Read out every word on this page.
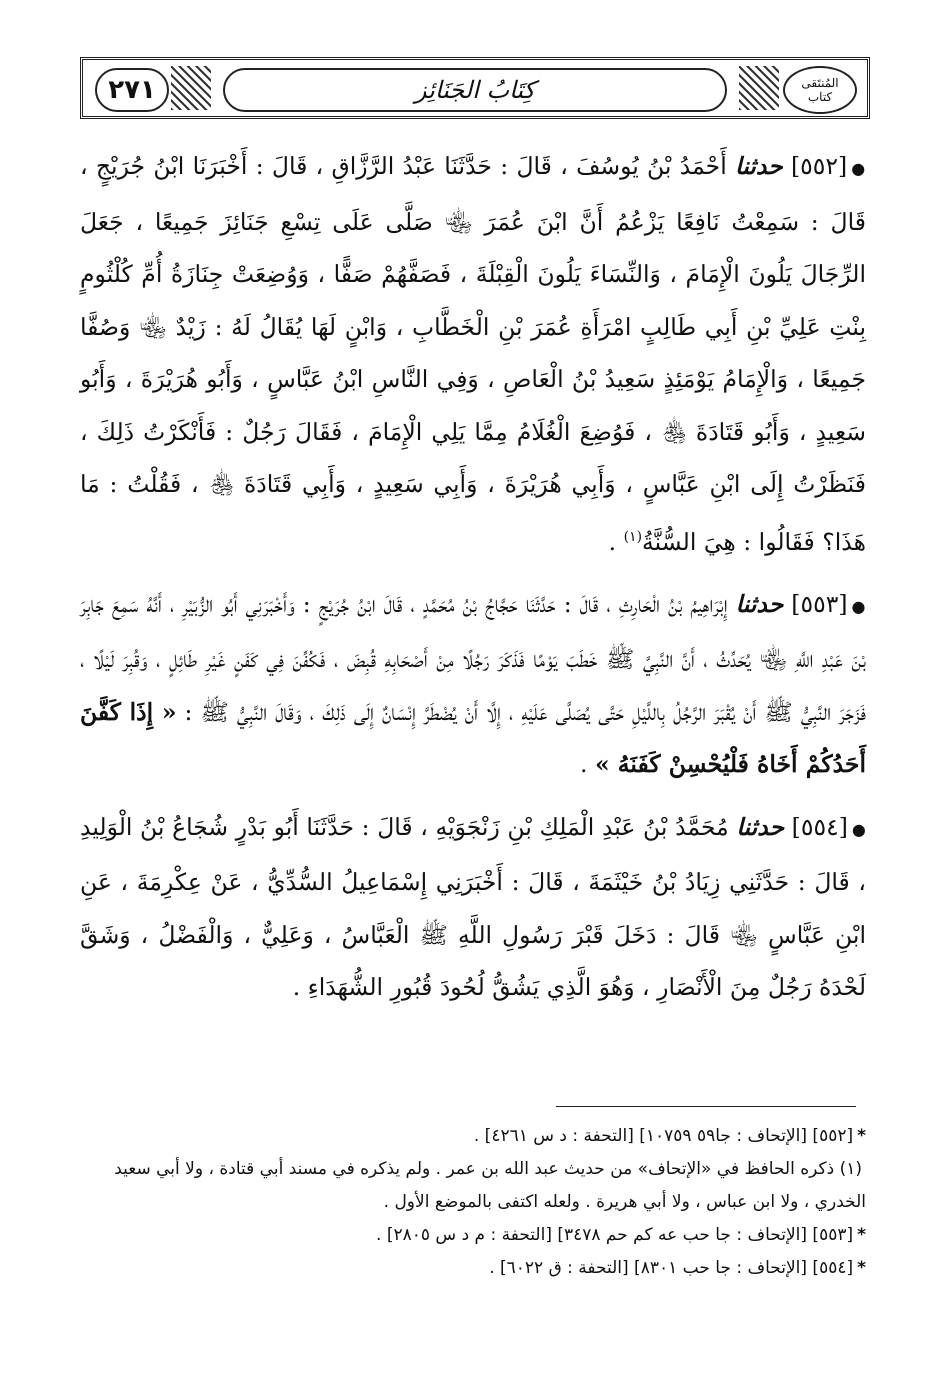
٢٧١	كِتَابُ الجَنَائِز	المُنتَقى
كتاب

●[٥٥٢] حدثنا أَحْمَدُ بْنُ يُوسُفَ ، قَالَ : حَدَّثَنَا عَبْدُ الرَّزَّاقِ ، قَالَ : أَخْبَرَنَا ابْنُ جُرَيْجٍ ، قَالَ : سَمِعْتُ نَافِعًا يَزْعُمُ أَنَّ ابْنَ عُمَرَ ﵄ صَلَّى عَلَى تِسْعِ جَنَائِزَ جَمِيعًا ، جَعَلَ الرِّجَالَ يَلُونَ الْإِمَامَ ، وَالنِّسَاءَ يَلُونَ الْقِبْلَةَ ، فَصَفَّهُمْ صَفًّا ، وَوُضِعَتْ جِنَازَةُ أُمِّ كُلْثُومٍ بِنْتِ عَلِيِّ بْنِ أَبِي طَالِبٍ امْرَأَةِ عُمَرَ بْنِ الْخَطَّابِ ، وَابْنٍ لَهَا يُقَالُ لَهُ : زَيْدٌ ﵄ وَصُفَّا جَمِيعًا ، وَالْإِمَامُ يَوْمَئِذٍ سَعِيدُ بْنُ الْعَاصِ ، وَفِي النَّاسِ ابْنُ عَبَّاسٍ ، وَأَبُو هُرَيْرَةَ ، وَأَبُو سَعِيدٍ ، وَأَبُو قَتَادَةَ ﵃ ، فَوُضِعَ الْغُلَامُ مِمَّا يَلِي الْإِمَامَ ، فَقَالَ رَجُلٌ : فَأَنْكَرْتُ ذَلِكَ ، فَنَظَرْتُ إِلَى ابْنِ عَبَّاسٍ ، وَأَبِي هُرَيْرَةَ ، وَأَبِي سَعِيدٍ ، وَأَبِي قَتَادَةَ ﵃ ، فَقُلْتُ : مَا هَذَا؟ فَقَالُوا : هِيَ السُّنَّةُ$^{(١)}$ .

●[٥٥٣] حدثنا إِبْرَاهِيمُ بْنُ الْحَارِثِ ، قَالَ : حَدَّثَنَا حَجَّاجُ بْنُ مُحَمَّدٍ ، قَالَ ابْنُ جُرَيْجٍ : وَأَخْبَرَنِي أَبُو الزُّبَيْرِ ، أَنَّهُ سَمِعَ جَابِرَ بْنَ عَبْدِ اللَّهِ ﵄ يُحَدِّثُ ، أَنَّ النَّبِيَّ ﷺ خَطَبَ يَوْمًا فَذَكَرَ رَجُلًا مِنْ أَصْحَابِهِ قُبِضَ ، فَكُفِّنَ فِي كَفَنٍ غَيْرِ طَائِلٍ ، وَقُبِرَ لَيْلًا ، فَزَجَرَ النَّبِيُّ ﷺ أَنْ يُقْبَرَ الرَّجُلُ بِاللَّيْلِ حَتَّى يُصَلَّى عَلَيْهِ ، إِلَّا أَنْ يُضْطَرَّ إِنْسَانٌ إِلَى ذَلِكَ ، وَقَالَ النَّبِيُّ ﷺ : « إِذَا كَفَّنَ أَحَدُكُمْ أَخَاهُ فَلْيُحْسِنْ كَفَنَهُ » .

●[٥٥٤] حدثنا مُحَمَّدُ بْنُ عَبْدِ الْمَلِكِ بْنِ زَنْجَوَيْهِ ، قَالَ : حَدَّثَنَا أَبُو بَدْرٍ شُجَاعُ بْنُ الْوَلِيدِ ، قَالَ : حَدَّثَنِي زِيَادُ بْنُ خَيْثَمَةَ ، قَالَ : أَخْبَرَنِي إِسْمَاعِيلُ السُّدِّيُّ ، عَنْ عِكْرِمَةَ ، عَنِ ابْنِ عَبَّاسٍ ﵄ قَالَ : دَخَلَ قَبْرَ رَسُولِ اللَّهِ ﷺ الْعَبَّاسُ ، وَعَلِيٌّ ، وَالْفَضْلُ ، وَشَقَّ لَحْدَهُ رَجُلٌ مِنَ الْأَنْصَارِ ، وَهُوَ الَّذِي يَشُقُّ لُحُودَ قُبُورِ الشُّهَدَاءِ .

*[٥٥٢] [الإتحاف : جا٥٩ ١٠٧٥٩] [التحفة : د س ٤٢٦١] .

(١) ذكره الحافظ في «الإتحاف» من حديث عبد الله بن عمر . ولم يذكره في مسند أبي قتادة ، ولا أبي سعيد الخدري ، ولا ابن عباس ، ولا أبي هريرة . ولعله اكتفى بالموضع الأول .

*[٥٥٣] [الإتحاف : جا حب عه كم حم ٣٤٧٨] [التحفة : م د س ٢٨٠٥] .

*[٥٥٤] [الإتحاف : جا حب ٨٣٠١] [التحفة : ق ٦٠٢٢] .
